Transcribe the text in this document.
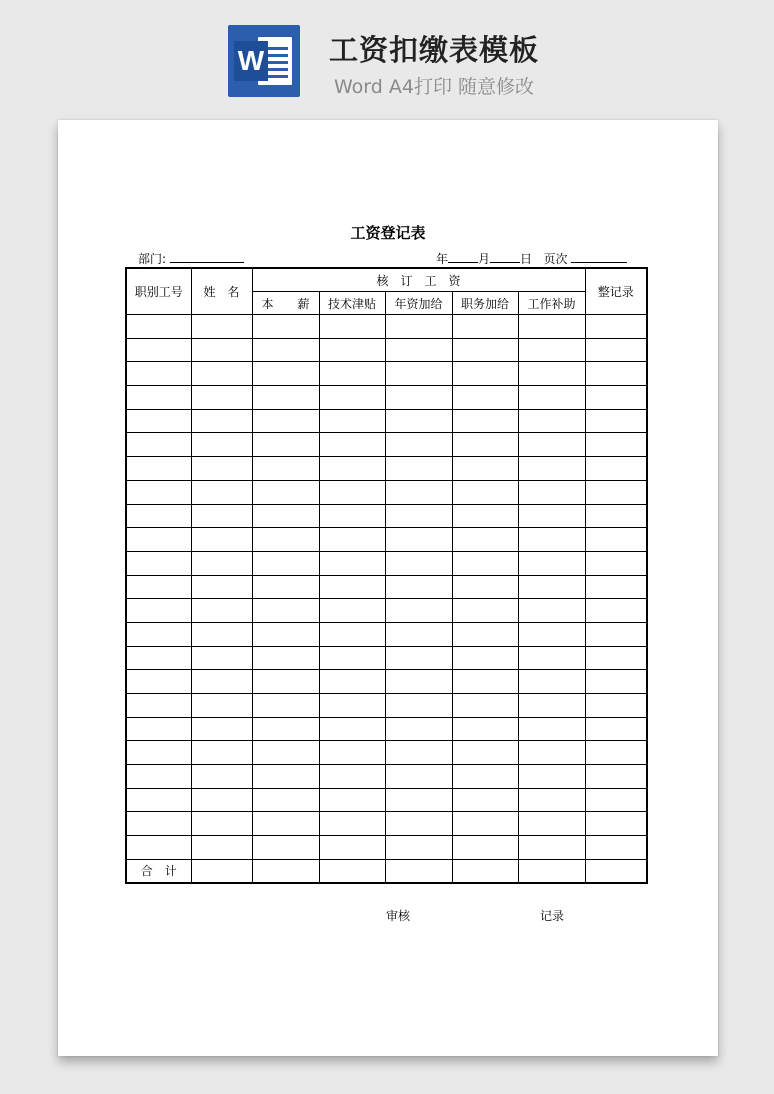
W	工资扣缴表模板
Word A4打印 随意修改
工资登记表
部门:	年	月	日 页次
职别工号	姓　名	核　订　工　资					整记录
		本　　薪	技术津贴	年资加给	职务加给	工作补助	

合　计							
审核	记录
